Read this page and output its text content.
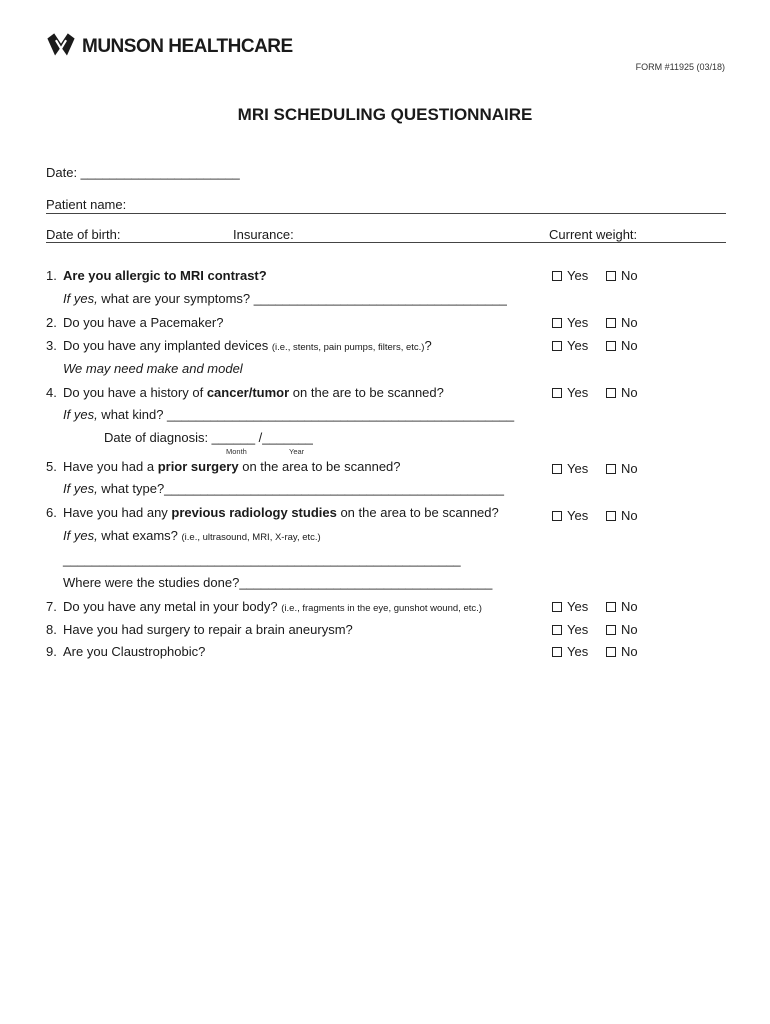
MUNSON HEALTHCARE
FORM #11925 (03/18)
MRI SCHEDULING QUESTIONNAIRE
Date: ______________________
Patient name:
Date of birth:	Insurance:	Current weight:
1. Are you allergic to MRI contrast?	Yes	No
If yes, what are your symptoms? ___________________________________
2. Do you have a Pacemaker?	Yes	No
3. Do you have any implanted devices (i.e., stents, pain pumps, filters, etc.)?	Yes	No
We may need make and model
4. Do you have a history of cancer/tumor on the are to be scanned?	Yes	No
If yes, what kind? ________________________________________________
Date of diagnosis: ______ /_______
Month	Year
5. Have you had a prior surgery on the area to be scanned?	Yes	No
If yes, what type?_______________________________________________
6. Have you had any previous radiology studies on the area to be scanned?	Yes	No
If yes, what exams? (i.e., ultrasound, MRI, X-ray, etc.)
_______________________________________________________
Where were the studies done?___________________________________
7. Do you have any metal in your body? (i.e., fragments in the eye, gunshot wound, etc.)	Yes	No
8. Have you had surgery to repair a brain aneurysm?	Yes	No
9. Are you Claustrophobic?	Yes	No
